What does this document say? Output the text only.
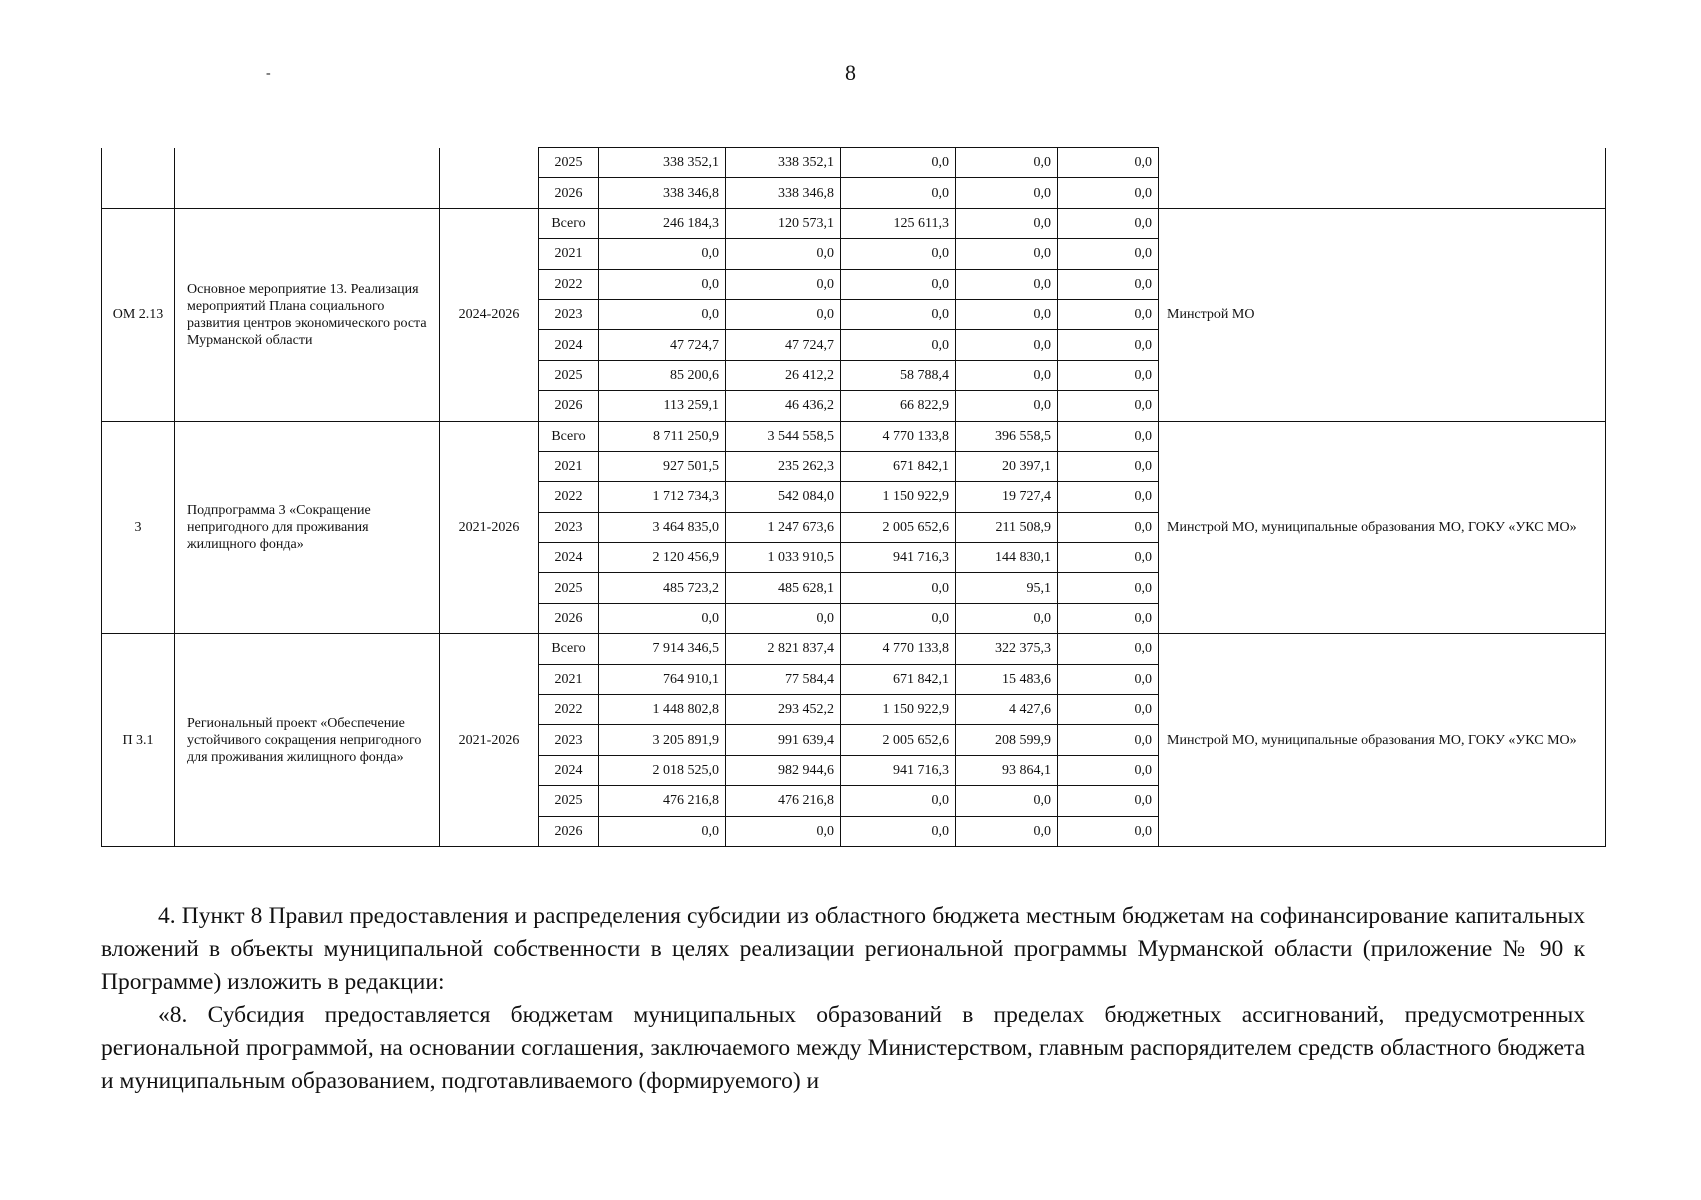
8
-
			2025	338 352,1	338 352,1	0,0	0,0	0,0	
			2026	338 346,8	338 346,8	0,0	0,0	0,0	
ОМ 2.13	Основное мероприятие 13. Реализация мероприятий Плана социального развития центров экономического роста Мурманской области	2024-2026	Всего	246 184,3	120 573,1	125 611,3	0,0	0,0	Минстрой МО
			2021	0,0	0,0	0,0	0,0	0,0	
			2022	0,0	0,0	0,0	0,0	0,0	
			2023	0,0	0,0	0,0	0,0	0,0	
			2024	47 724,7	47 724,7	0,0	0,0	0,0	
			2025	85 200,6	26 412,2	58 788,4	0,0	0,0	
			2026	113 259,1	46 436,2	66 822,9	0,0	0,0	
3	Подпрограмма 3 «Сокращение непригодного для проживания жилищного фонда»	2021-2026	Всего	8 711 250,9	3 544 558,5	4 770 133,8	396 558,5	0,0	Минстрой МО, муниципальные образования МО, ГОКУ «УКС МО»
			2021	927 501,5	235 262,3	671 842,1	20 397,1	0,0	
			2022	1 712 734,3	542 084,0	1 150 922,9	19 727,4	0,0	
			2023	3 464 835,0	1 247 673,6	2 005 652,6	211 508,9	0,0	
			2024	2 120 456,9	1 033 910,5	941 716,3	144 830,1	0,0	
			2025	485 723,2	485 628,1	0,0	95,1	0,0	
			2026	0,0	0,0	0,0	0,0	0,0	
П 3.1	Региональный проект «Обеспечение устойчивого сокращения непригодного для проживания жилищного фонда»	2021-2026	Всего	7 914 346,5	2 821 837,4	4 770 133,8	322 375,3	0,0	Минстрой МО, муниципальные образования МО, ГОКУ «УКС МО»
			2021	764 910,1	77 584,4	671 842,1	15 483,6	0,0	
			2022	1 448 802,8	293 452,2	1 150 922,9	4 427,6	0,0	
			2023	3 205 891,9	991 639,4	2 005 652,6	208 599,9	0,0	
			2024	2 018 525,0	982 944,6	941 716,3	93 864,1	0,0	
			2025	476 216,8	476 216,8	0,0	0,0	0,0	
			2026	0,0	0,0	0,0	0,0	0,0	

4. Пункт 8 Правил предоставления и распределения субсидии из областного бюджета местным бюджетам на софинансирование капитальных вложений в объекты муниципальной собственности в целях реализации региональной программы Мурманской области (приложение № 90 к Программе) изложить в редакции:

«8. Субсидия предоставляется бюджетам муниципальных образований в пределах бюджетных ассигнований, предусмотренных региональной программой, на основании соглашения, заключаемого между Министерством, главным распорядителем средств областного бюджета и муниципальным образованием, подготавливаемого (формируемого) и
